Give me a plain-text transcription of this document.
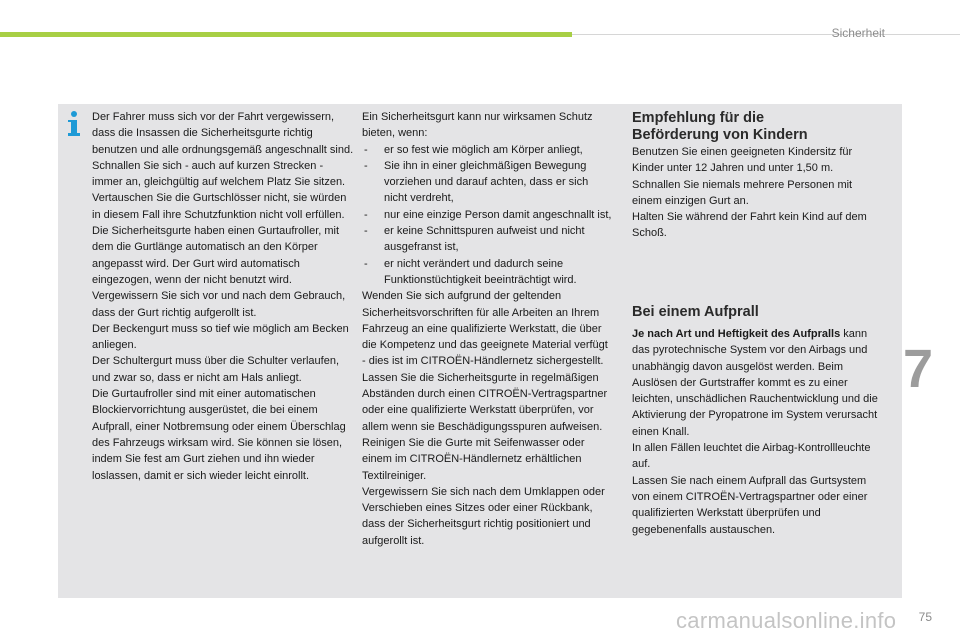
Sicherheit

Der Fahrer muss sich vor der Fahrt vergewissern, dass die Insassen die Sicherheitsgurte richtig benutzen und alle ordnungsgemäß angeschnallt sind.
Schnallen Sie sich - auch auf kurzen Strecken - immer an, gleichgültig auf welchem Platz Sie sitzen.
Vertauschen Sie die Gurtschlösser nicht, sie würden in diesem Fall ihre Schutzfunktion nicht voll erfüllen.
Die Sicherheitsgurte haben einen Gurtaufroller, mit dem die Gurtlänge automatisch an den Körper angepasst wird. Der Gurt wird automatisch eingezogen, wenn der nicht benutzt wird.
Vergewissern Sie sich vor und nach dem Gebrauch, dass der Gurt richtig aufgerollt ist.
Der Beckengurt muss so tief wie möglich am Becken anliegen.
Der Schultergurt muss über die Schulter verlaufen, und zwar so, dass er nicht am Hals anliegt.
Die Gurtaufroller sind mit einer automatischen Blockiervorrichtung ausgerüstet, die bei einem Aufprall, einer Notbremsung oder einem Überschlag des Fahrzeugs wirksam wird. Sie können sie lösen, indem Sie fest am Gurt ziehen und ihn wieder loslassen, damit er sich wieder leicht einrollt.

Ein Sicherheitsgurt kann nur wirksamen Schutz bieten, wenn:

- er so fest wie möglich am Körper anliegt,
- Sie ihn in einer gleichmäßigen Bewegung vorziehen und darauf achten, dass er sich nicht verdreht,
- nur eine einzige Person damit angeschnallt ist,
- er keine Schnittspuren aufweist und nicht ausgefranst ist,
- er nicht verändert und dadurch seine Funktionstüchtigkeit beeinträchtigt wird.

Wenden Sie sich aufgrund der geltenden Sicherheitsvorschriften für alle Arbeiten an Ihrem Fahrzeug an eine qualifizierte Werkstatt, die über die Kompetenz und das geeignete Material verfügt - dies ist im CITROËN-Händlernetz sichergestellt.
Lassen Sie die Sicherheitsgurte in regelmäßigen Abständen durch einen CITROËN-Vertragspartner oder eine qualifizierte Werkstatt überprüfen, vor allem wenn sie Beschädigungsspuren aufweisen.
Reinigen Sie die Gurte mit Seifenwasser oder einem im CITROËN-Händlernetz erhältlichen Textilreiniger.
Vergewissern Sie sich nach dem Umklappen oder Verschieben eines Sitzes oder einer Rückbank, dass der Sicherheitsgurt richtig positioniert und aufgerollt ist.

Empfehlung für die
Beförderung von Kindern

Benutzen Sie einen geeigneten Kindersitz für Kinder unter 12 Jahren und unter 1,50 m.
Schnallen Sie niemals mehrere Personen mit einem einzigen Gurt an.
Halten Sie während der Fahrt kein Kind auf dem Schoß.

Bei einem Aufprall

Je nach Art und Heftigkeit des Aufpralls kann das pyrotechnische System vor den Airbags und unabhängig davon ausgelöst werden. Beim Auslösen der Gurtstraffer kommt es zu einer leichten, unschädlichen Rauchentwicklung und die Aktivierung der Pyropatrone im System verursacht einen Knall.
In allen Fällen leuchtet die Airbag-Kontrollleuchte auf.
Lassen Sie nach einem Aufprall das Gurtsystem von einem CITROËN-Vertragspartner oder einer qualifizierten Werkstatt überprüfen und gegebenenfalls austauschen.

7
carmanualsonline.info 75
